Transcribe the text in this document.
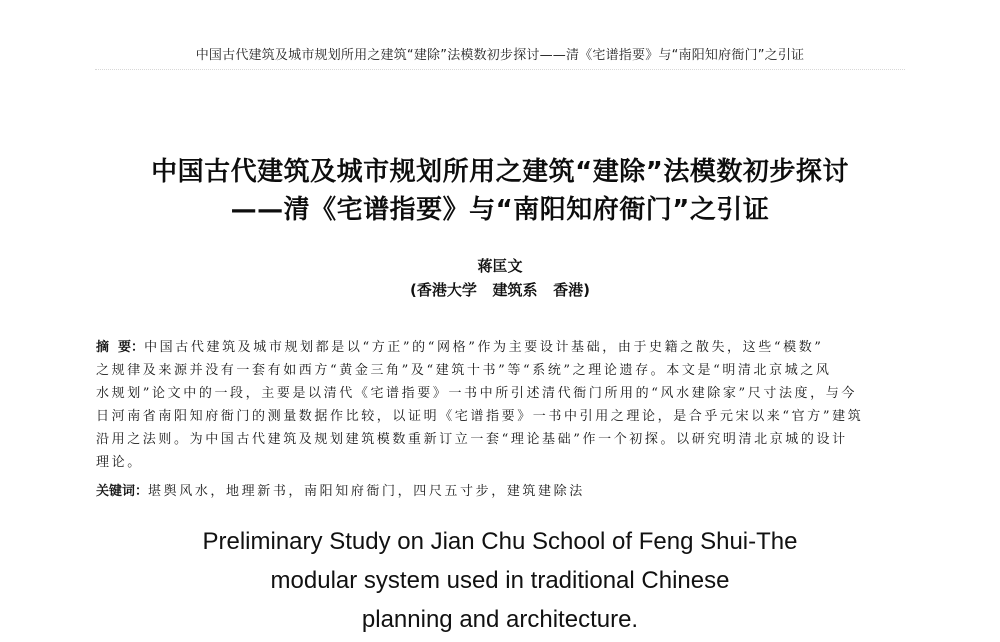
中国古代建筑及城市规划所用之建筑“建除”法模数初步探讨——清《宅谱指要》与“南阳知府衙门”之引证
中国古代建筑及城市规划所用之建筑“建除”法模数初步探讨
——清《宅谱指要》与“南阳知府衙门”之引证
蒋匡文
(香港大学   建筑系   香港)
摘  要：中国古代建筑及城市规划都是以“方正”的“网格”作为主要设计基础，由于史籍之散失，这些“模数”
之规律及来源并没有一套有如西方“黄金三角”及“建筑十书”等“系统”之理论遗存。本文是“明清北京城之风
水规划”论文中的一段，主要是以清代《宅谱指要》一书中所引述清代衙门所用的“风水建除家”尺寸法度，与今
日河南省南阳知府衙门的测量数据作比较，以证明《宅谱指要》一书中引用之理论，是合乎元宋以来“官方”建筑
沿用之法则。为中国古代建筑及规划建筑模数重新订立一套“理论基础”作一个初探。以研究明清北京城的设计
理论。
关键词：堪舆风水，地理新书，南阳知府衙门，四尺五寸步，建筑建除法
Preliminary Study on Jian Chu School of Feng Shui-The
modular system used in traditional Chinese
planning and architecture.
